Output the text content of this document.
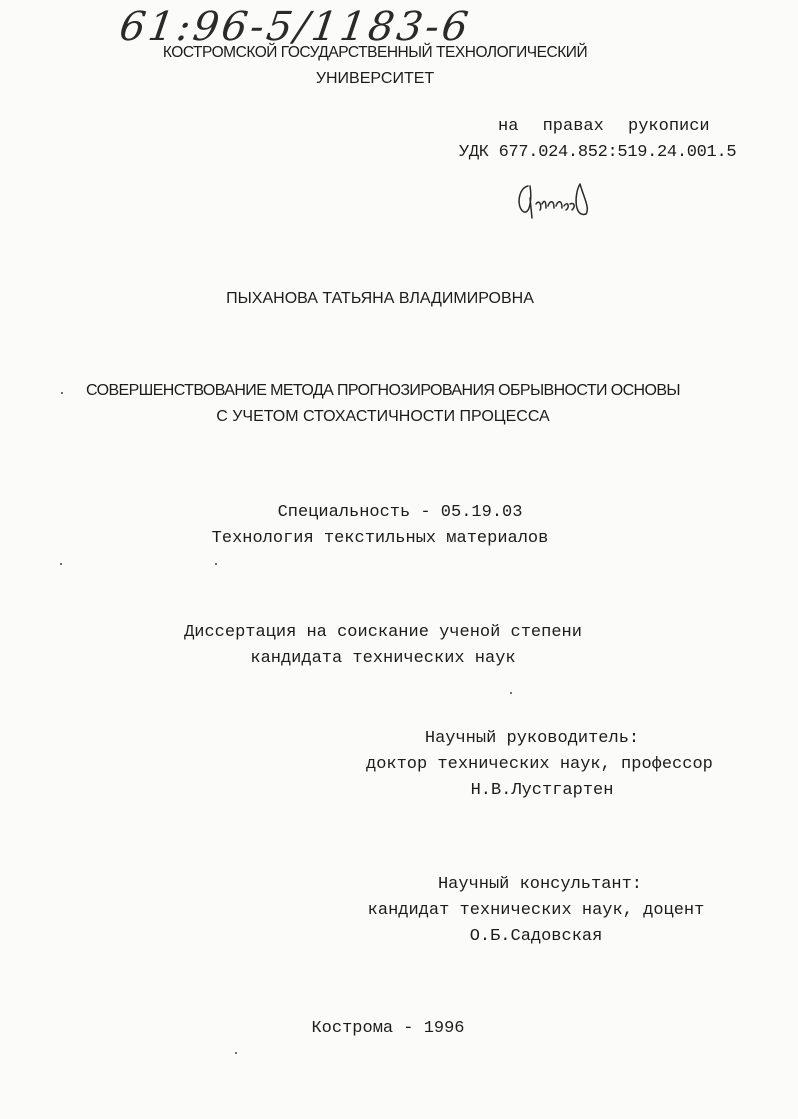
61:96-5/1183-6
КОСТРОМСКОЙ ГОСУДАРСТВЕННЫЙ ТЕХНОЛОГИЧЕСКИЙ
УНИВЕРСИТЕТ
на правах рукописи
УДК 677.024.852:519.24.001.5
ПЫХАНОВА ТАТЬЯНА ВЛАДИМИРОВНА
СОВЕРШЕНСТВОВАНИЕ МЕТОДА ПРОГНОЗИРОВАНИЯ ОБРЫВНОСТИ ОСНОВЫ
С УЧЕТОМ СТОХАСТИЧНОСТИ ПРОЦЕССА
Специальность - 05.19.03
Технология текстильных материалов
Диссертация на соискание ученой степени
кандидата технических наук
Научный руководитель:
доктор технических наук, профессор
Н.В.Лустгартен
Научный консультант:
кандидат технических наук, доцент
О.Б.Садовская
Кострома - 1996
